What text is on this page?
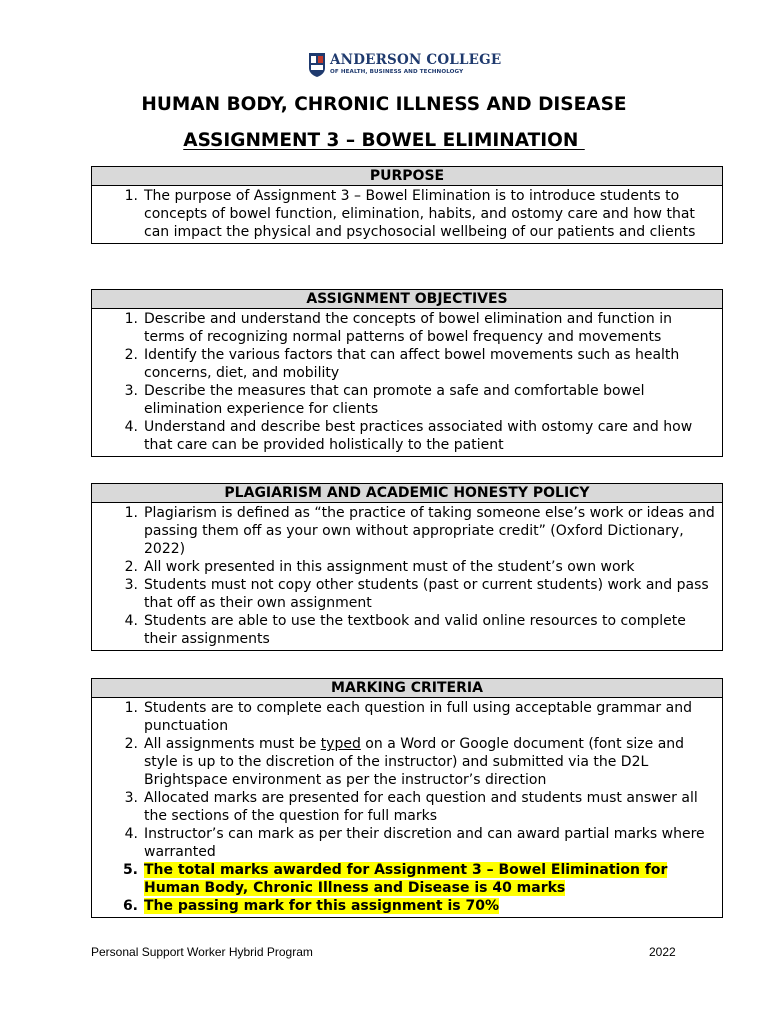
ANDERSON COLLEGE
OF HEALTH, BUSINESS AND TECHNOLOGY
HUMAN BODY, CHRONIC ILLNESS AND DISEASE
ASSIGNMENT 3 – BOWEL ELIMINATION
PURPOSE
1. The purpose of Assignment 3 – Bowel Elimination is to introduce students to concepts of bowel function, elimination, habits, and ostomy care and how that can impact the physical and psychosocial wellbeing of our patients and clients
ASSIGNMENT OBJECTIVES
1. Describe and understand the concepts of bowel elimination and function in terms of recognizing normal patterns of bowel frequency and movements
2. Identify the various factors that can affect bowel movements such as health concerns, diet, and mobility
3. Describe the measures that can promote a safe and comfortable bowel elimination experience for clients
4. Understand and describe best practices associated with ostomy care and how that care can be provided holistically to the patient
PLAGIARISM AND ACADEMIC HONESTY POLICY
1. Plagiarism is defined as “the practice of taking someone else’s work or ideas and passing them off as your own without appropriate credit” (Oxford Dictionary, 2022)
2. All work presented in this assignment must of the student’s own work
3. Students must not copy other students (past or current students) work and pass that off as their own assignment
4. Students are able to use the textbook and valid online resources to complete their assignments
MARKING CRITERIA
1. Students are to complete each question in full using acceptable grammar and punctuation
2. All assignments must be typed on a Word or Google document (font size and style is up to the discretion of the instructor) and submitted via the D2L Brightspace environment as per the instructor’s direction
3. Allocated marks are presented for each question and students must answer all the sections of the question for full marks
4. Instructor’s can mark as per their discretion and can award partial marks where warranted
5. The total marks awarded for Assignment 3 – Bowel Elimination for Human Body, Chronic Illness and Disease is 40 marks
6. The passing mark for this assignment is 70%
Personal Support Worker Hybrid Program	2022
